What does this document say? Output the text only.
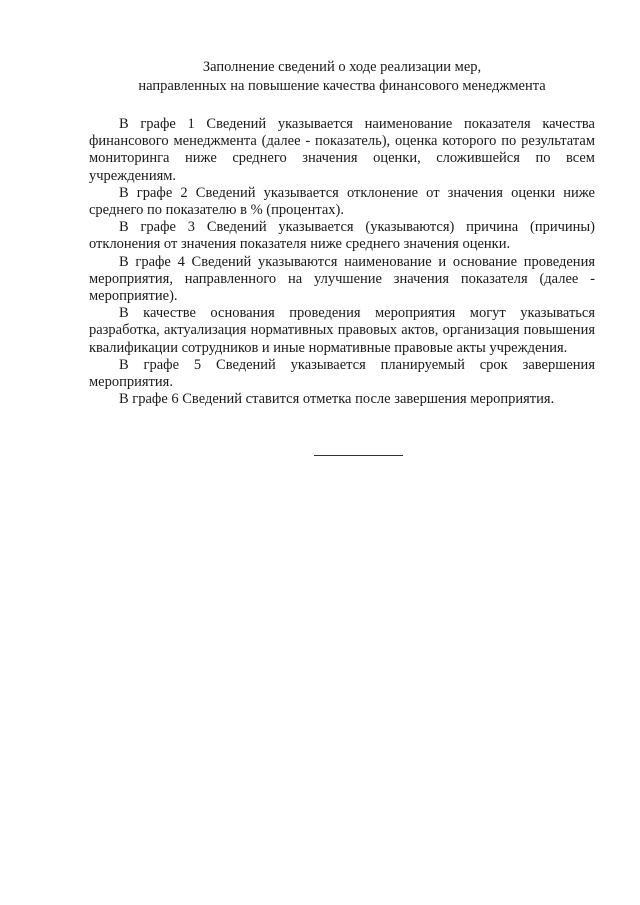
Заполнение сведений о ходе реализации мер,
направленных на повышение качества финансового менеджмента

В графе 1 Сведений указывается наименование показателя качества финансового менеджмента (далее - показатель), оценка которого по результатам мониторинга ниже среднего значения оценки, сложившейся по всем учреждениям.

В графе 2 Сведений указывается отклонение от значения оценки ниже среднего по показателю в % (процентах).

В графе 3 Сведений указывается (указываются) причина (причины) отклонения от значения показателя ниже среднего значения оценки.

В графе 4 Сведений указываются наименование и основание проведения мероприятия, направленного на улучшение значения показателя (далее - мероприятие).

В качестве основания проведения мероприятия могут указываться разработка, актуализация нормативных правовых актов, организация повышения квалификации сотрудников и иные нормативные правовые акты учреждения.

В графе 5 Сведений указывается планируемый срок завершения мероприятия.

В графе 6 Сведений ставится отметка после завершения мероприятия.
